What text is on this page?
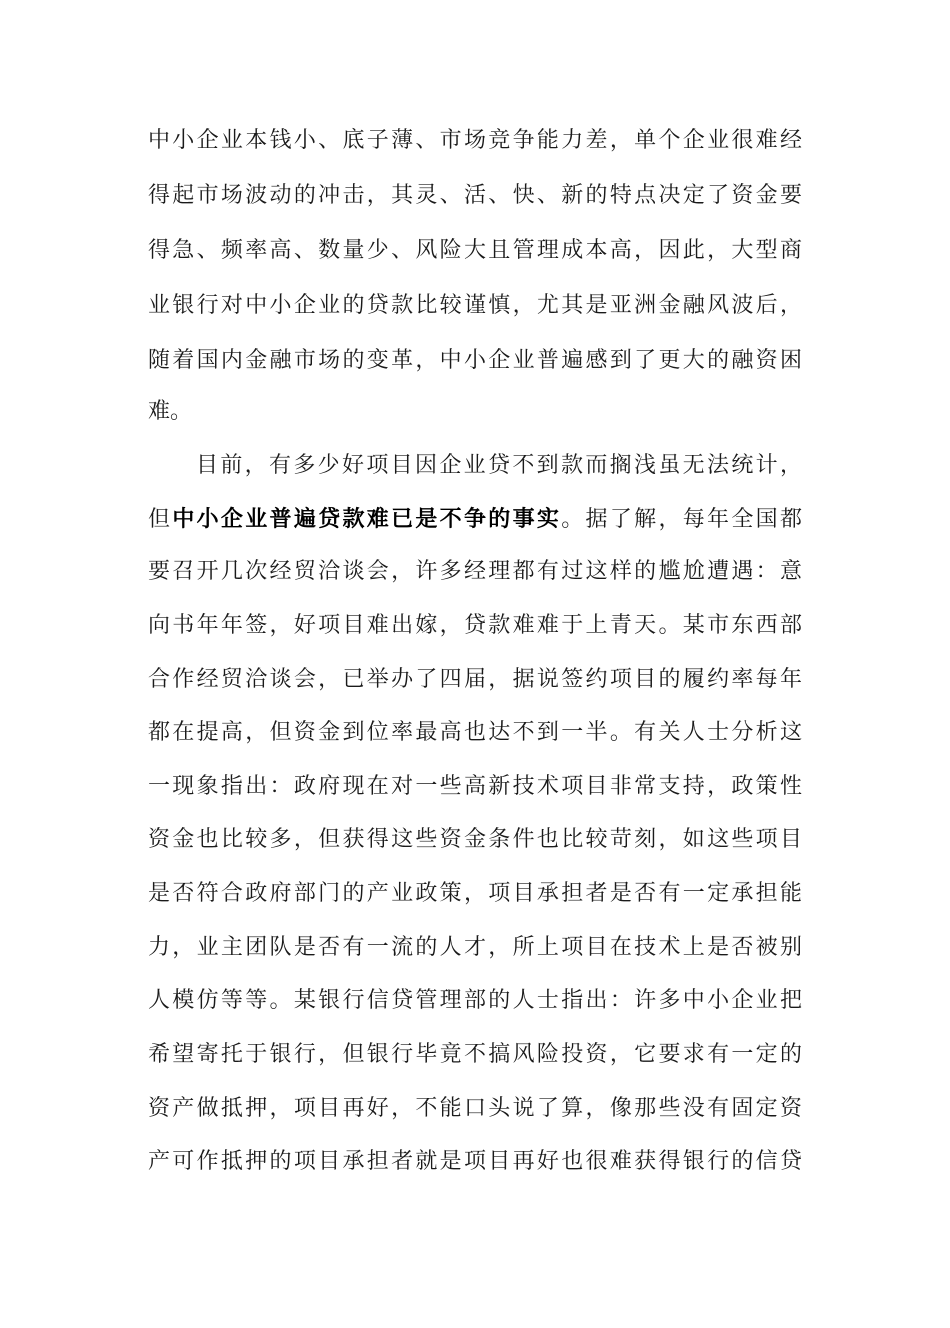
中小企业本钱小、底子薄、市场竞争能力差，单个企业很难经
得起市场波动的冲击，其灵、活、快、新的特点决定了资金要
得急、频率高、数量少、风险大且管理成本高，因此，大型商
业银行对中小企业的贷款比较谨慎，尤其是亚洲金融风波后，
随着国内金融市场的变革，中小企业普遍感到了更大的融资困
难。
目前，有多少好项目因企业贷不到款而搁浅虽无法统计，
但中小企业普遍贷款难已是不争的事实。据了解，每年全国都
要召开几次经贸洽谈会，许多经理都有过这样的尴尬遭遇：意
向书年年签，好项目难出嫁，贷款难难于上青天。某市东西部
合作经贸洽谈会，已举办了四届，据说签约项目的履约率每年
都在提高，但资金到位率最高也达不到一半。有关人士分析这
一现象指出：政府现在对一些高新技术项目非常支持，政策性
资金也比较多，但获得这些资金条件也比较苛刻，如这些项目
是否符合政府部门的产业政策，项目承担者是否有一定承担能
力，业主团队是否有一流的人才，所上项目在技术上是否被别
人模仿等等。某银行信贷管理部的人士指出：许多中小企业把
希望寄托于银行，但银行毕竟不搞风险投资，它要求有一定的
资产做抵押，项目再好，不能口头说了算，像那些没有固定资
产可作抵押的项目承担者就是项目再好也很难获得银行的信贷
